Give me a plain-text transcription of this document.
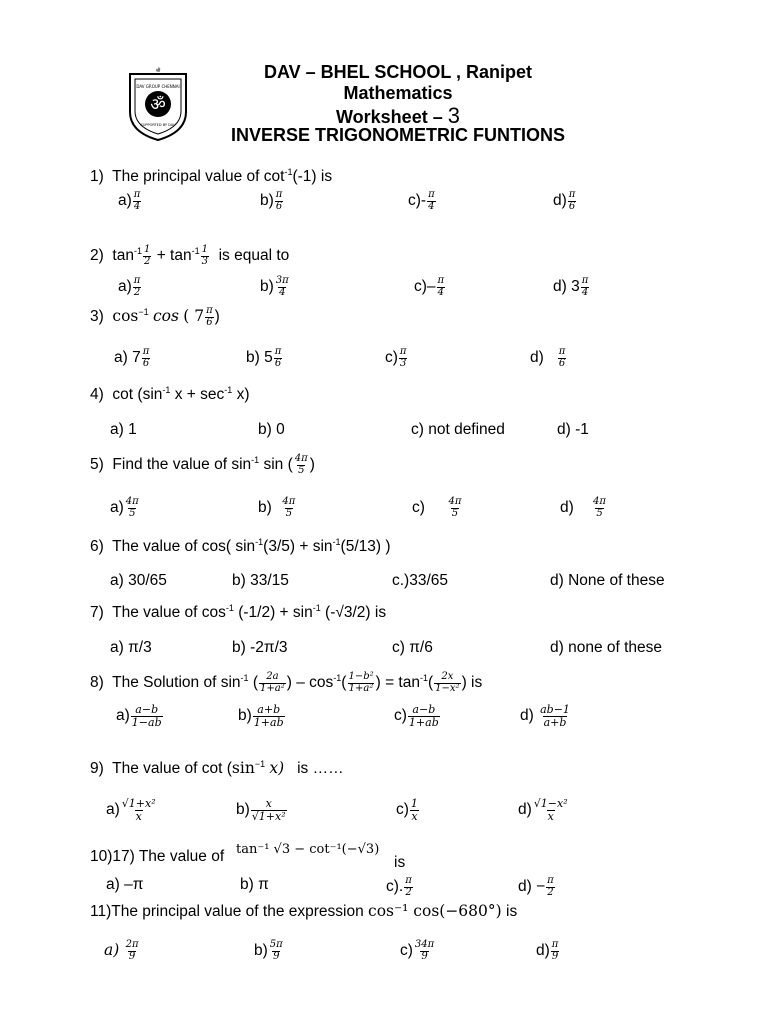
ॐ
श्री
DAV GROUP CHENNAI
SUPPORTED BY DAV
DAV – BHEL SCHOOL , Ranipet
Mathematics
Worksheet – 3
INVERSE TRIGONOMETRIC FUNTIONS
1) The principal value of $\cot^{-1}(-1)$ is
$a) \frac{\pi}{4}$	$b) \frac{\pi}{6}$	$c)- \frac{\pi}{4}$	$d) \frac{\pi}{6}$
2) $\tan^{-1} \frac{1}{2} + \tan^{-1} \frac{1}{3}$ is equal to
$a) \frac{\pi}{2}$	$b) \frac{3\pi}{4}$	$c)- \frac{\pi}{4}$	d) $3 \frac{\pi}{4}$
3) $\cos^{-1} \cos$ ( $7 \frac{\pi}{6}$ )
a) $7 \frac{\pi}{6}$	b) $5 \frac{\pi}{6}$	$c) \frac{\pi}{3}$	$d) \frac{\pi}{6}$
4) $\cot (\sin^{-1}$ $x + \sec^{-1} x$)
a) 1	b) 0	c) not defined	d) -1
5) Find the value of $\sin^{-1} \sin$ ( $\frac{4\pi}{5}$ )
$a) \frac{4\pi}{5}$	$b) \frac{4\pi}{5}$	$c) \frac{4\pi}{5}$	$d) \frac{4\pi}{5}$
6) The value of cos( $\sin^{-1}(3/5) + \sin^{-1}(5/13)$ )
a) 30/65	b) 33/15	c.)33/65	d) None of these
7) The value of $\cos^{-1} (-1/2) + \sin^{-1} (-√3/2)$ is
a) π/3	b) -2π/3	c) π/6	d) none of these
8) The Solution of $\sin^{-1}$ ( $\frac{2a}{\text{1+a²}}$ ) – $\cos^{-1}( \frac{\text{1−b²}}{\text{1+a²}}$ ) = $\tan^{-1}( \frac{2x}{\text{1−x²}}$ ) is
$a) \frac{a-b}{1-ab}$	$b) \frac{a+b}{1+ab}$	$c) \frac{a-b}{1+ab}$	$d) \frac{ab-1}{a+b}$
9) The value of $\cot (\sin^{-1}$ x) is ……
$a) \frac{\text{√1+x²}}{x}$	$b) \frac{x}{\text{√1+x²}}$	$c) \frac{1}{x}$	$d) \frac{\text{√1−x²}}{x}$
10)17) The value of tan⁻¹ √3 − cot⁻¹(−√3)
is
a) –π	b) π	c). $\frac{\pi}{2}$	$d) - \frac{\pi}{2}$
11)The principal value of the expression cos⁻¹ cos(−680°) is
$a) \frac{2\pi}{9}$	$b) \frac{5\pi}{9}$	$c) \frac{34\pi}{9}$	$d) \frac{\pi}{9}$
